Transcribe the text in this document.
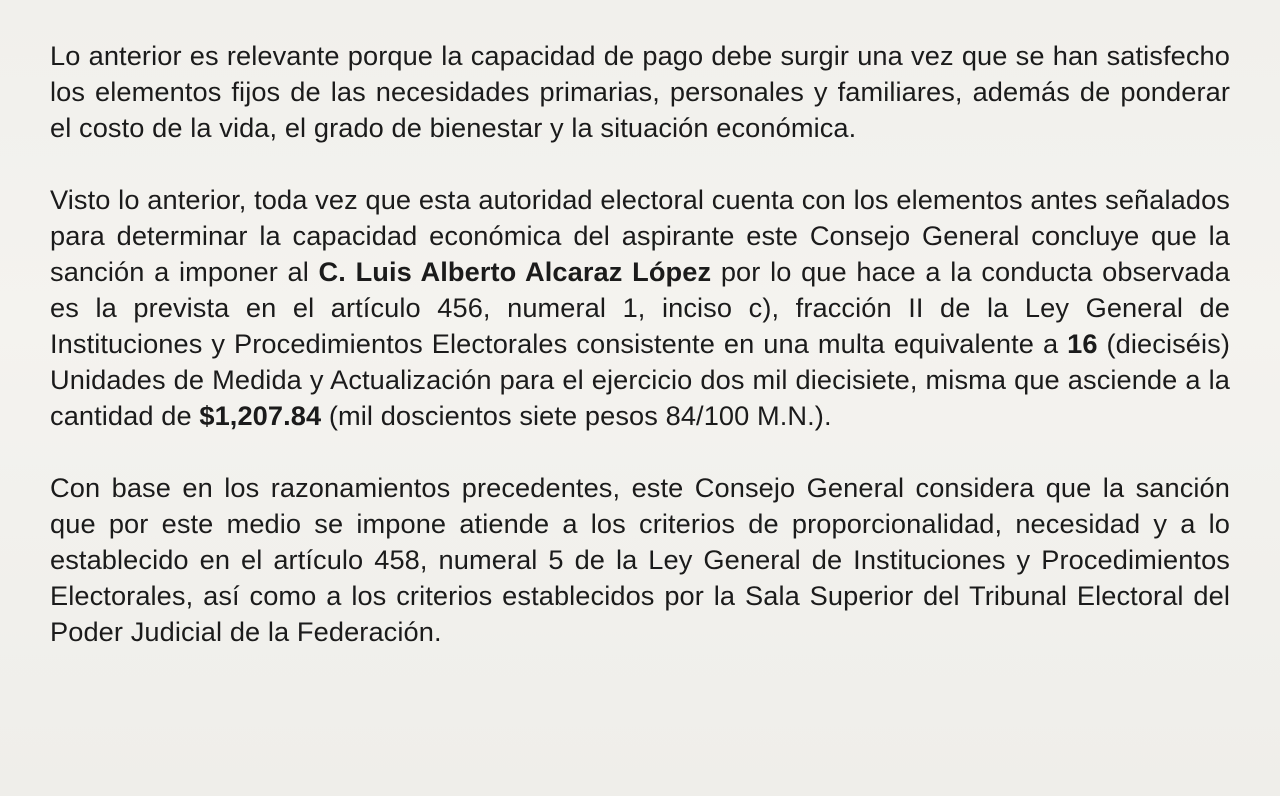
Lo anterior es relevante porque la capacidad de pago debe surgir una vez que se han satisfecho los elementos fijos de las necesidades primarias, personales y familiares, además de ponderar el costo de la vida, el grado de bienestar y la situación económica.

Visto lo anterior, toda vez que esta autoridad electoral cuenta con los elementos antes señalados para determinar la capacidad económica del aspirante este Consejo General concluye que la sanción a imponer al C. Luis Alberto Alcaraz López por lo que hace a la conducta observada es la prevista en el artículo 456, numeral 1, inciso c), fracción II de la Ley General de Instituciones y Procedimientos Electorales consistente en una multa equivalente a 16 (dieciséis) Unidades de Medida y Actualización para el ejercicio dos mil diecisiete, misma que asciende a la cantidad de $1,207.84 (mil doscientos siete pesos 84/100 M.N.).

Con base en los razonamientos precedentes, este Consejo General considera que la sanción que por este medio se impone atiende a los criterios de proporcionalidad, necesidad y a lo establecido en el artículo 458, numeral 5 de la Ley General de Instituciones y Procedimientos Electorales, así como a los criterios establecidos por la Sala Superior del Tribunal Electoral del Poder Judicial de la Federación.
